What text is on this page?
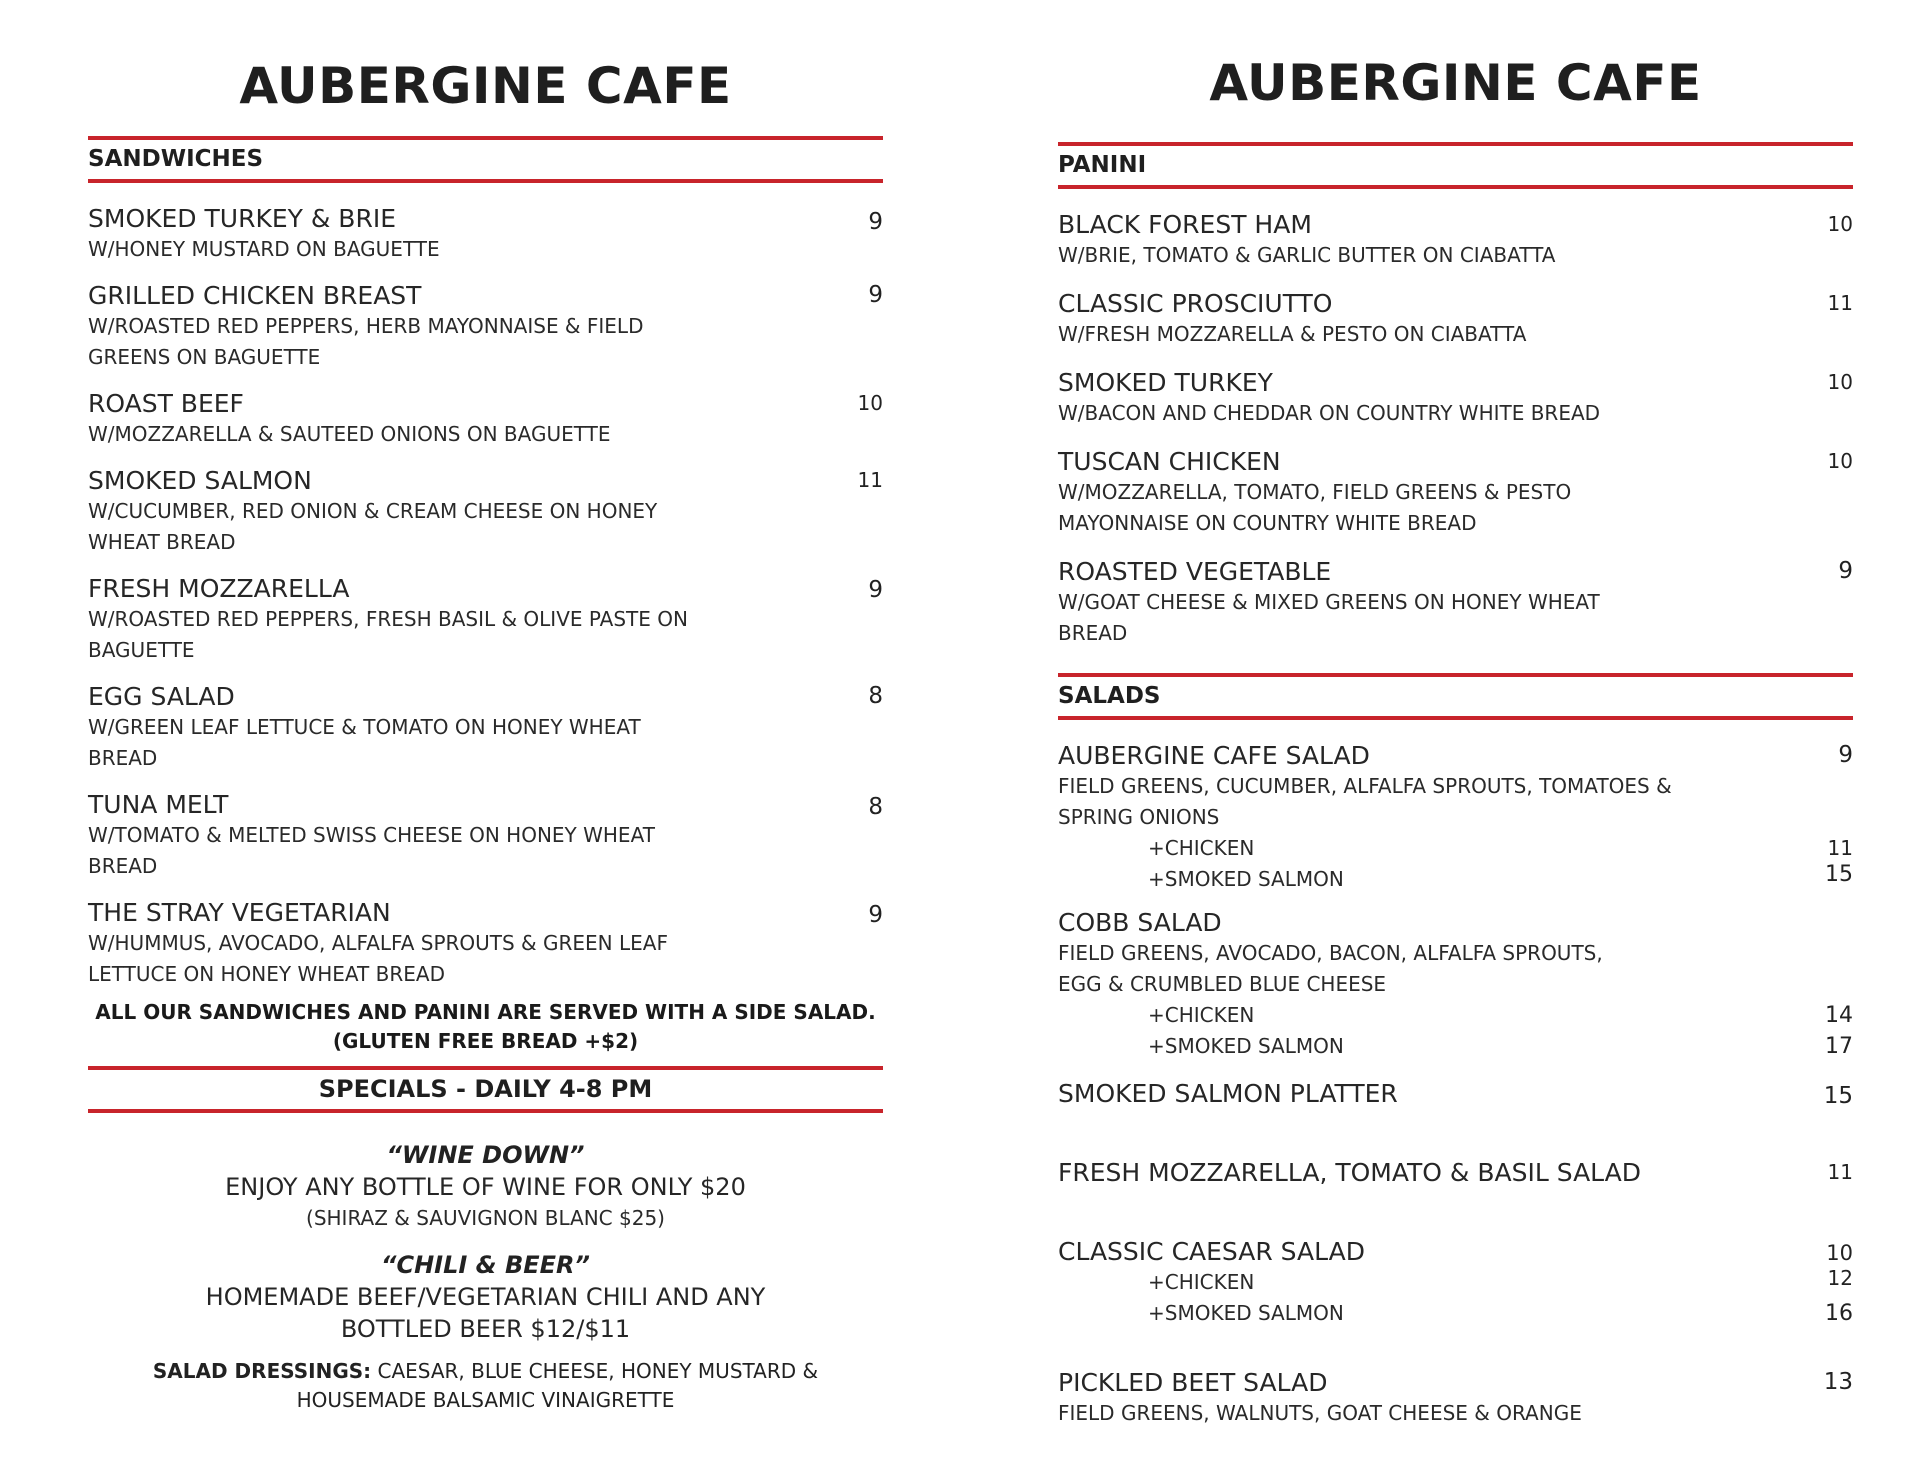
AUBERGINE CAFE
SANDWICHES
SMOKED TURKEY & BRIE
W/HONEY MUSTARD ON BAGUETTE
9
GRILLED CHICKEN BREAST
W/ROASTED RED PEPPERS, HERB MAYONNAISE & FIELD GREENS ON BAGUETTE
9
ROAST BEEF
W/MOZZARELLA & SAUTEED ONIONS ON BAGUETTE
10
SMOKED SALMON
W/CUCUMBER, RED ONION & CREAM CHEESE ON HONEY WHEAT BREAD
11
FRESH MOZZARELLA
W/ROASTED RED PEPPERS, FRESH BASIL & OLIVE PASTE ON BAGUETTE
9
EGG SALAD
W/GREEN LEAF LETTUCE & TOMATO ON HONEY WHEAT BREAD
8
TUNA MELT
W/TOMATO & MELTED SWISS CHEESE ON HONEY WHEAT BREAD
8
THE STRAY VEGETARIAN
W/HUMMUS, AVOCADO, ALFALFA SPROUTS & GREEN LEAF LETTUCE ON HONEY WHEAT BREAD
9
ALL OUR SANDWICHES AND PANINI ARE SERVED WITH A SIDE SALAD.
(GLUTEN FREE BREAD +$2)
SPECIALS - DAILY 4-8 PM
“WINE DOWN”
ENJOY ANY BOTTLE OF WINE FOR ONLY $20
(SHIRAZ & SAUVIGNON BLANC $25)
“CHILI & BEER”
HOMEMADE BEEF/VEGETARIAN CHILI AND ANY
BOTTLED BEER $12/$11
SALAD DRESSINGS: CAESAR, BLUE CHEESE, HONEY MUSTARD &
HOUSEMADE BALSAMIC VINAIGRETTE
AUBERGINE CAFE
PANINI
BLACK FOREST HAM
W/BRIE, TOMATO & GARLIC BUTTER ON CIABATTA
10
CLASSIC PROSCIUTTO
W/FRESH MOZZARELLA & PESTO ON CIABATTA
11
SMOKED TURKEY
W/BACON AND CHEDDAR ON COUNTRY WHITE BREAD
10
TUSCAN CHICKEN
W/MOZZARELLA, TOMATO, FIELD GREENS & PESTO MAYONNAISE ON COUNTRY WHITE BREAD
10
ROASTED VEGETABLE
W/GOAT CHEESE & MIXED GREENS ON HONEY WHEAT BREAD
9
SALADS
AUBERGINE CAFE SALAD
FIELD GREENS, CUCUMBER, ALFALFA SPROUTS, TOMATOES & SPRING ONIONS
9
+CHICKEN	11
+SMOKED SALMON	15
COBB SALAD
FIELD GREENS, AVOCADO, BACON, ALFALFA SPROUTS, EGG & CRUMBLED BLUE CHEESE
+CHICKEN	14
+SMOKED SALMON	17
SMOKED SALMON PLATTER	15
FRESH MOZZARELLA, TOMATO & BASIL SALAD	11
CLASSIC CAESAR SALAD	10
+CHICKEN	12
+SMOKED SALMON	16
PICKLED BEET SALAD
FIELD GREENS, WALNUTS, GOAT CHEESE & ORANGE
13
